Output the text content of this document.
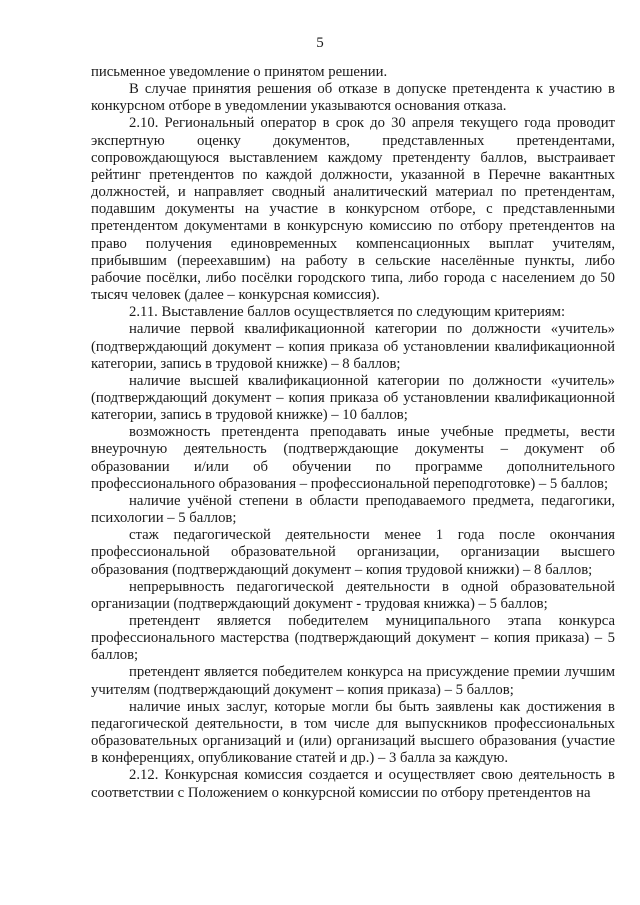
5

письменное уведомление о принятом решении.

В случае принятия решения об отказе в допуске претендента к участию в конкурсном отборе в уведомлении указываются основания отказа.

2.10. Региональный оператор в срок до 30 апреля текущего года проводит экспертную оценку документов, представленных претендентами, сопровождающуюся выставлением каждому претенденту баллов, выстраивает рейтинг претендентов по каждой должности, указанной в Перечне вакантных должностей, и направляет сводный аналитический материал по претендентам, подавшим документы на участие в конкурсном отборе, с представленными претендентом документами в конкурсную комиссию по отбору претендентов на право получения единовременных компенсационных выплат учителям, прибывшим (переехавшим) на работу в сельские населённые пункты, либо рабочие посёлки, либо посёлки городского типа, либо города с населением до 50 тысяч человек (далее – конкурсная комиссия).

2.11. Выставление баллов осуществляется по следующим критериям:

наличие первой квалификационной категории по должности «учитель» (подтверждающий документ – копия приказа об установлении квалификационной категории, запись в трудовой книжке) – 8 баллов;

наличие высшей квалификационной категории по должности «учитель» (подтверждающий документ – копия приказа об установлении квалификационной категории, запись в трудовой книжке) – 10 баллов;

возможность претендента преподавать иные учебные предметы, вести внеурочную деятельность (подтверждающие документы – документ об образовании и/или об обучении по программе дополнительного профессионального образования – профессиональной переподготовке) – 5 баллов;

наличие учёной степени в области преподаваемого предмета, педагогики, психологии – 5 баллов;

стаж педагогической деятельности менее 1 года после окончания профессиональной образовательной организации, организации высшего образования (подтверждающий документ – копия трудовой книжки) – 8 баллов;

непрерывность педагогической деятельности в одной образовательной организации (подтверждающий документ - трудовая книжка) – 5 баллов;

претендент является победителем муниципального этапа конкурса профессионального мастерства (подтверждающий документ – копия приказа) – 5 баллов;

претендент является победителем конкурса на присуждение премии лучшим учителям (подтверждающий документ – копия приказа) – 5 баллов;

наличие иных заслуг, которые могли бы быть заявлены как достижения в педагогической деятельности, в том числе для выпускников профессиональных образовательных организаций и (или) организаций высшего образования (участие в конференциях, опубликование статей и др.) – 3 балла за каждую.

2.12. Конкурсная комиссия создается и осуществляет свою деятельность в соответствии с Положением о конкурсной комиссии по отбору претендентов на
